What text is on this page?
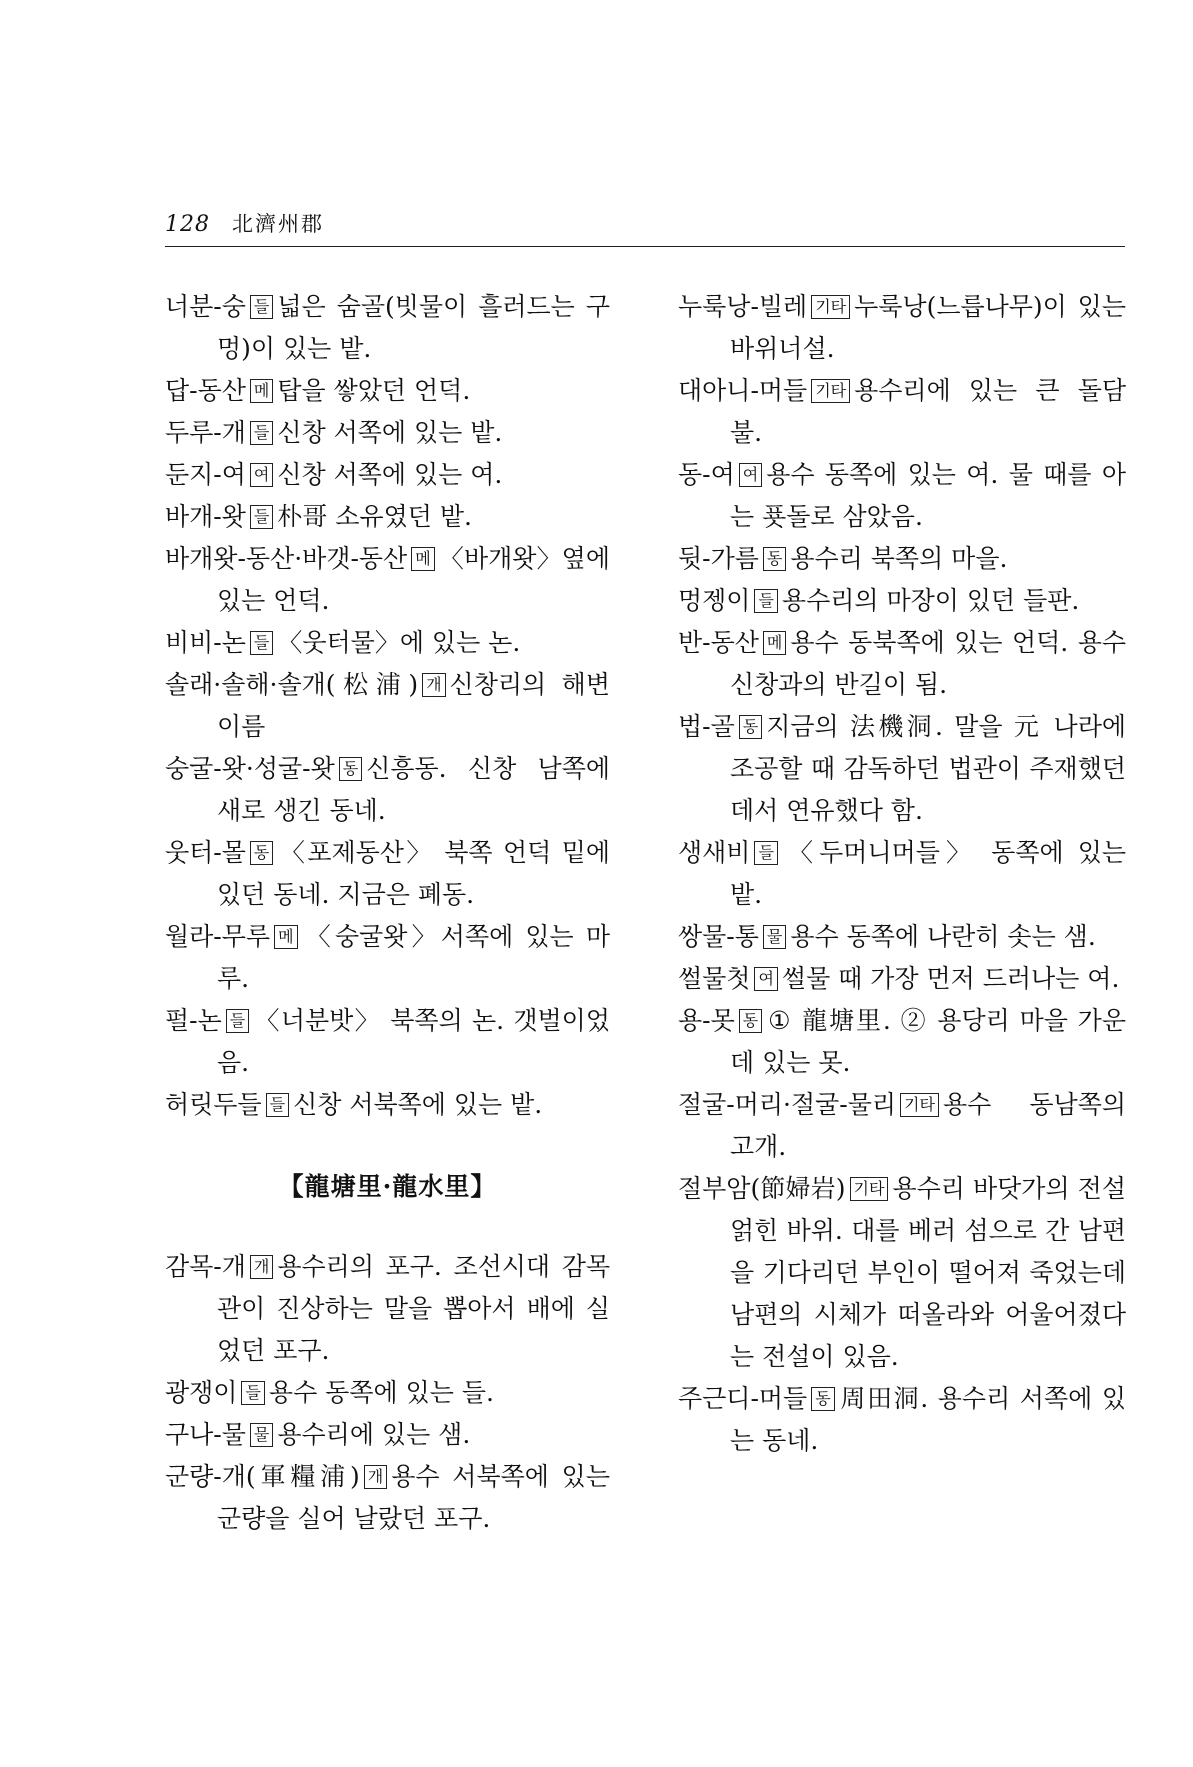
128 北濟州郡

너분-숭 들 넓은 숨골(빗물이 흘러드는 구멍)이 있는 밭.

답-동산 메 탑을 쌓았던 언덕.

두루-개 들 신창 서쪽에 있는 밭.

둔지-여 여 신창 서쪽에 있는 여.

바개-왓 들 朴哥 소유였던 밭.

바개왓-동산·바갯-동산 메 〈바개왓〉옆에 있는 언덕.

비비-논 들 〈웃터물〉에 있는 논.

솔래·솔해·솔개(松浦) 개 신창리의 해변 이름

숭굴-왓·성굴-왓 동 신흥동. 신창 남쪽에 새로 생긴 동네.

웃터-몰 동 〈포제동산〉 북쪽 언덕 밑에 있던 동네. 지금은 폐동.

월라-무루 메 〈숭굴왓〉서쪽에 있는 마루.

펄-논 들 〈너분밧〉 북쪽의 논. 갯벌이었음.

허릿두들 들 신창 서북쪽에 있는 밭.

【龍塘里·龍水里】

감목-개 개 용수리의 포구. 조선시대 감목관이 진상하는 말을 뽑아서 배에 실었던 포구.

광쟁이 들 용수 동쪽에 있는 들.

구나-물 물 용수리에 있는 샘.

군량-개(軍糧浦) 개 용수 서북쪽에 있는 군량을 실어 날랐던 포구.

누룩낭-빌레 기타 누룩낭(느릅나무)이 있는 바위너설.

대아니-머들 기타 용수리에 있는 큰 돌담불.

동-여 여 용수 동쪽에 있는 여. 물 때를 아는 푯돌로 삼았음.

뒷-가름 동 용수리 북쪽의 마을.

멍젱이 들 용수리의 마장이 있던 들판.

반-동산 메 용수 동북쪽에 있는 언덕. 용수 신창과의 반길이 됨.

법-골 동 지금의 法機洞. 말을 元 나라에 조공할 때 감독하던 법관이 주재했던 데서 연유했다 함.

생새비 들 〈두머니머들〉 동쪽에 있는 밭.

쌍물-통 물 용수 동쪽에 나란히 솟는 샘.

썰물첫 여 썰물 때 가장 먼저 드러나는 여.

용-못 동 ① 龍塘里. ② 용당리 마을 가운데 있는 못.

절굴-머리·절굴-물리 기타 용수 동남쪽의 고개.

절부암(節婦岩) 기타 용수리 바닷가의 전설 얽힌 바위. 대를 베러 섬으로 간 남편을 기다리던 부인이 떨어져 죽었는데 남편의 시체가 떠올라와 어울어졌다는 전설이 있음.

주근디-머들 동 周田洞. 용수리 서쪽에 있는 동네.
